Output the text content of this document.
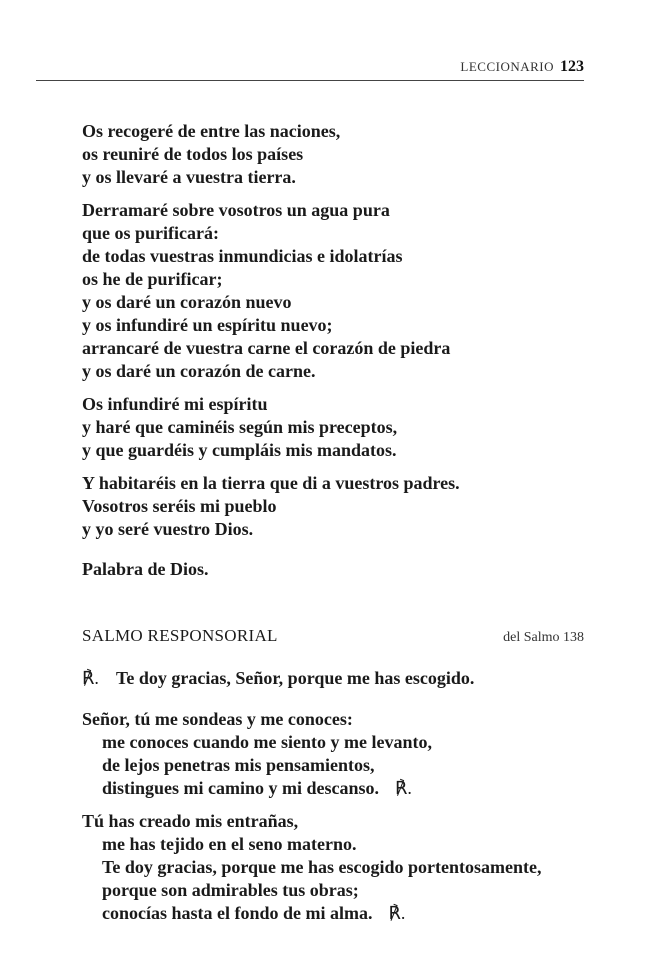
LECCIONARIO 123
Os recogeré de entre las naciones,
os reuniré de todos los países
y os llevaré a vuestra tierra.
Derramaré sobre vosotros un agua pura
que os purificará:
de todas vuestras inmundicias e idolatrías
os he de purificar;
y os daré un corazón nuevo
y os infundiré un espíritu nuevo;
arrancaré de vuestra carne el corazón de piedra
y os daré un corazón de carne.
Os infundiré mi espíritu
y haré que caminéis según mis preceptos,
y que guardéis y cumpláis mis mandatos.
Y habitaréis en la tierra que di a vuestros padres.
Vosotros seréis mi pueblo
y yo seré vuestro Dios.
Palabra de Dios.
SALMO RESPONSORIAL	del Salmo 138
℟. Te doy gracias, Señor, porque me has escogido.
Señor, tú me sondeas y me conoces:
me conoces cuando me siento y me levanto,
de lejos penetras mis pensamientos,
distingues mi camino y mi descanso. ℟.
Tú has creado mis entrañas,
me has tejido en el seno materno.
Te doy gracias, porque me has escogido portentosamente,
porque son admirables tus obras;
conocías hasta el fondo de mi alma. ℟.
